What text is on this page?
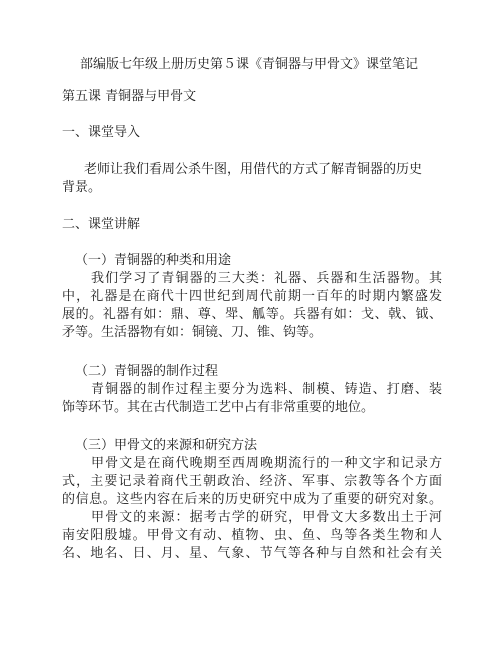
部编版七年级上册历史第５课《青铜器与甲骨文》课堂笔记

第五课 青铜器与甲骨文

一、课堂导入

老师让我们看周公杀牛图，用借代的方式了解青铜器的历史

背景。

二、课堂讲解

（一）青铜器的种类和用途

我们学习了青铜器的三大类：礼器、兵器和生活器物。其

中，礼器是在商代十四世纪到周代前期一百年的时期内繁盛发

展的。礼器有如：鼎、尊、斝、觚等。兵器有如：戈、戟、钺、

矛等。生活器物有如：铜镜、刀、锥、钩等。

（二）青铜器的制作过程

青铜器的制作过程主要分为选料、制模、铸造、打磨、装

饰等环节。其在古代制造工艺中占有非常重要的地位。

（三）甲骨文的来源和研究方法

甲骨文是在商代晚期至西周晚期流行的一种文字和记录方

式，主要记录着商代王朝政治、经济、军事、宗教等各个方面

的信息。这些内容在后来的历史研究中成为了重要的研究对象。

甲骨文的来源：据考古学的研究，甲骨文大多数出土于河

南安阳殷墟。甲骨文有动、植物、虫、鱼、鸟等各类生物和人

名、地名、日、月、星、气象、节气等各种与自然和社会有关
